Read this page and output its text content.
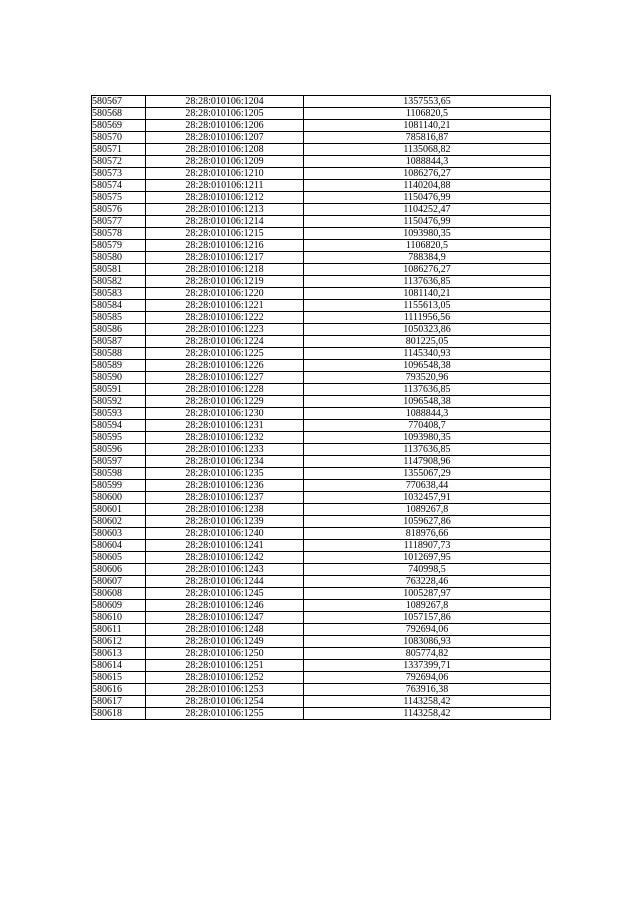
580567	28:28:010106:1204	1357553,65
580568	28:28:010106:1205	1106820,5
580569	28:28:010106:1206	1081140,21
580570	28:28:010106:1207	785816,87
580571	28:28:010106:1208	1135068,82
580572	28:28:010106:1209	1088844,3
580573	28:28:010106:1210	1086276,27
580574	28:28:010106:1211	1140204,88
580575	28:28:010106:1212	1150476,99
580576	28:28:010106:1213	1104252,47
580577	28:28:010106:1214	1150476,99
580578	28:28:010106:1215	1093980,35
580579	28:28:010106:1216	1106820,5
580580	28:28:010106:1217	788384,9
580581	28:28:010106:1218	1086276,27
580582	28:28:010106:1219	1137636,85
580583	28:28:010106:1220	1081140,21
580584	28:28:010106:1221	1155613,05
580585	28:28:010106:1222	1111956,56
580586	28:28:010106:1223	1050323,86
580587	28:28:010106:1224	801225,05
580588	28:28:010106:1225	1145340,93
580589	28:28:010106:1226	1096548,38
580590	28:28:010106:1227	793520,96
580591	28:28:010106:1228	1137636,85
580592	28:28:010106:1229	1096548,38
580593	28:28:010106:1230	1088844,3
580594	28:28:010106:1231	770408,7
580595	28:28:010106:1232	1093980,35
580596	28:28:010106:1233	1137636,85
580597	28:28:010106:1234	1147908,96
580598	28:28:010106:1235	1355067,29
580599	28:28:010106:1236	770638,44
580600	28:28:010106:1237	1032457,91
580601	28:28:010106:1238	1089267,8
580602	28:28:010106:1239	1059627,86
580603	28:28:010106:1240	818976,66
580604	28:28:010106:1241	1118907,73
580605	28:28:010106:1242	1012697,95
580606	28:28:010106:1243	740998,5
580607	28:28:010106:1244	763228,46
580608	28:28:010106:1245	1005287,97
580609	28:28:010106:1246	1089267,8
580610	28:28:010106:1247	1057157,86
580611	28:28:010106:1248	792694,06
580612	28:28:010106:1249	1083086,93
580613	28:28:010106:1250	805774,82
580614	28:28:010106:1251	1337399,71
580615	28:28:010106:1252	792694,06
580616	28:28:010106:1253	763916,38
580617	28:28:010106:1254	1143258,42
580618	28:28:010106:1255	1143258,42
